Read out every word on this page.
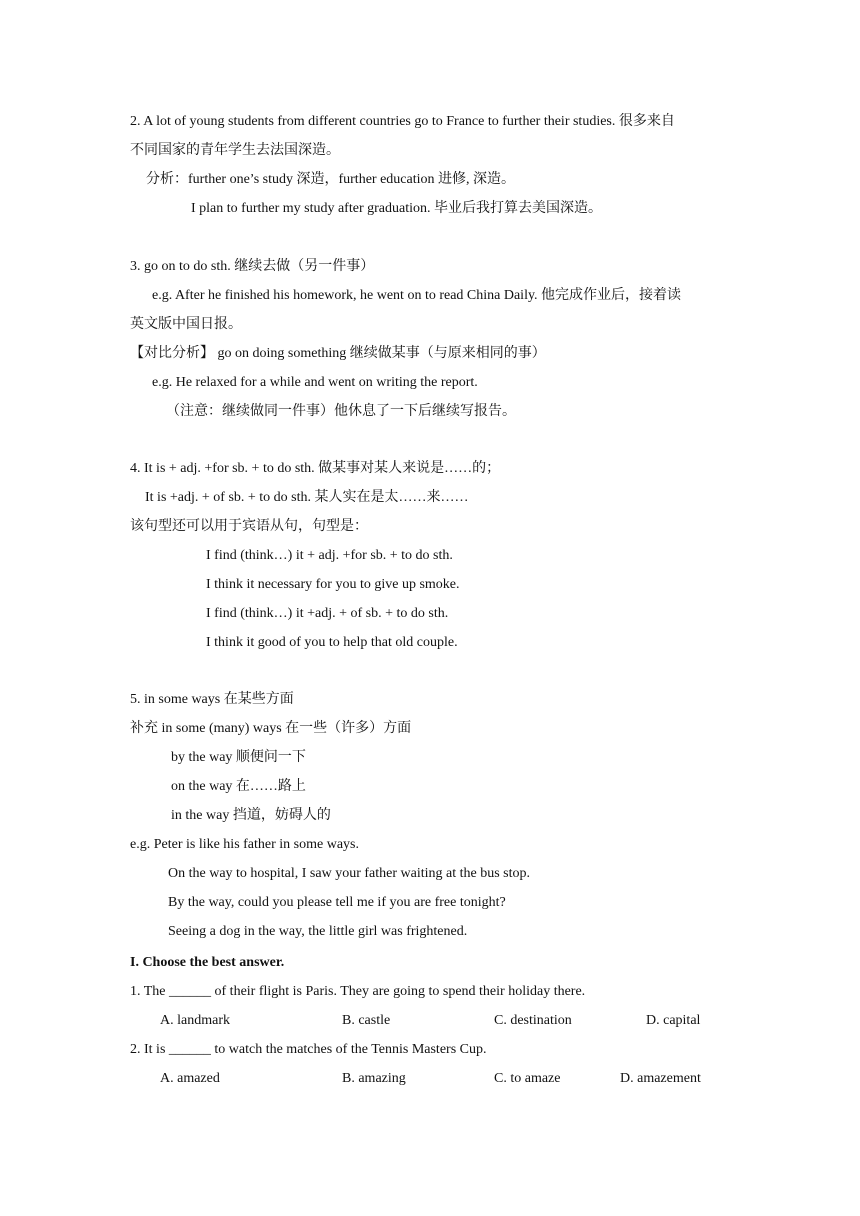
2. A lot of young students from different countries go to France to further their studies. 很多来自
不同国家的青年学生去法国深造。
分析：further one’s study 深造，further education 进修, 深造。
I plan to further my study after graduation. 毕业后我打算去美国深造。
3. go on to do sth. 继续去做（另一件事）
e.g. After he finished his homework, he went on to read China Daily. 他完成作业后，接着读
英文版中国日报。
【对比分析】 go on doing something 继续做某事（与原来相同的事）
e.g. He relaxed for a while and went on writing the report.
（注意：继续做同一件事）他休息了一下后继续写报告。
4. It is + adj. +for sb. + to do sth. 做某事对某人来说是……的；
It is +adj. + of sb. + to do sth. 某人实在是太……来……
该句型还可以用于宾语从句，句型是：
I find (think…) it + adj. +for sb. + to do sth.
I think it necessary for you to give up smoke.
I find (think…) it +adj. + of sb. + to do sth.
I think it good of you to help that old couple.
5. in some ways 在某些方面
补充 in some (many) ways 在一些（许多）方面
by the way 顺便问一下
on the way 在……路上
in the way 挡道，妨碍人的
e.g. Peter is like his father in some ways.
On the way to hospital, I saw your father waiting at the bus stop.
By the way, could you please tell me if you are free tonight?
Seeing a dog in the way, the little girl was frightened.
I. Choose the best answer.
1. The ______ of their flight is Paris. They are going to spend their holiday there.
A. landmark	B. castle	C. destination	D. capital
2. It is ______ to watch the matches of the Tennis Masters Cup.
A. amazed	B. amazing	C. to amaze	D. amazement
